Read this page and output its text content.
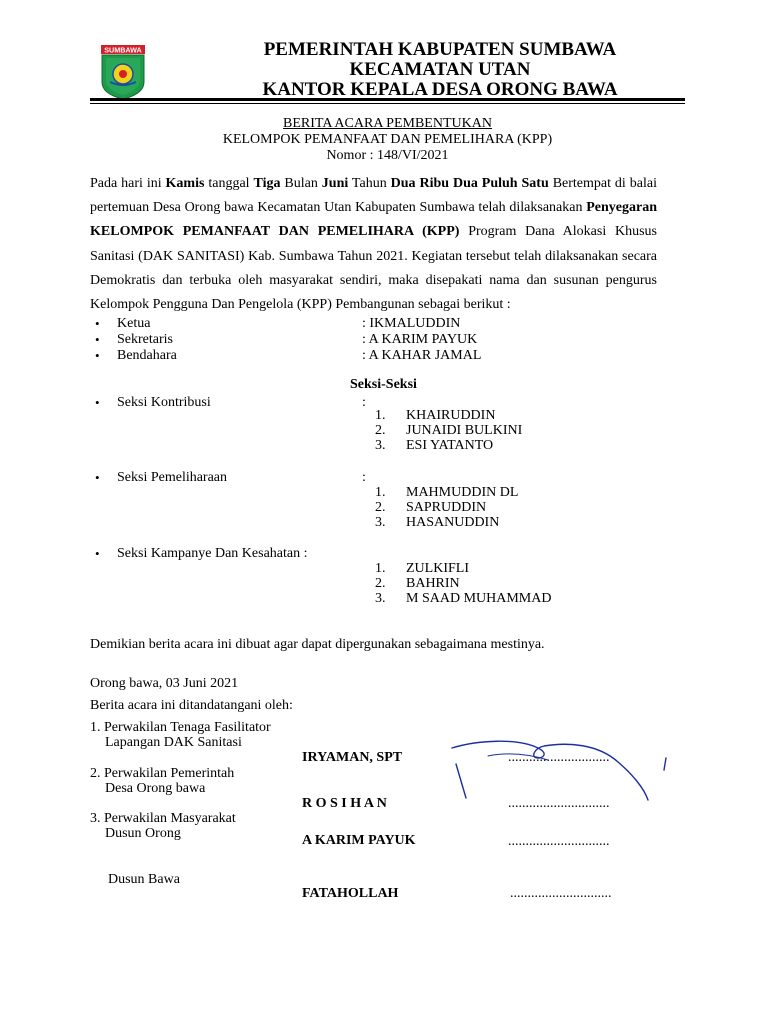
SUMBAWA	PEMERINTAH KABUPATEN SUMBAWA
KECAMATAN UTAN
KANTOR KEPALA DESA ORONG BAWA
BERITA ACARA PEMBENTUKAN
KELOMPOK PEMANFAAT DAN PEMELIHARA (KPP)
Nomor : 148/VI/2021
Pada hari ini Kamis tanggal Tiga Bulan Juni Tahun Dua Ribu Dua Puluh Satu Bertempat di balai pertemuan Desa Orong bawa Kecamatan Utan Kabupaten Sumbawa telah dilaksanakan Penyegaran KELOMPOK PEMANFAAT DAN PEMELIHARA (KPP) Program Dana Alokasi Khusus Sanitasi (DAK SANITASI) Kab. Sumbawa Tahun 2021. Kegiatan tersebut telah dilaksanakan secara Demokratis dan terbuka oleh masyarakat sendiri, maka disepakati nama dan susunan pengurus Kelompok Pengguna Dan Pengelola (KPP) Pembangunan sebagai berikut :
• Ketua	: IKMALUDDIN
• Sekretaris	: A KARIM PAYUK
• Bendahara	: A KAHAR JAMAL
Seksi-Seksi
• Seksi Kontribusi	:
1. KHAIRUDDIN
2. JUNAIDI BULKINI
3. ESI YATANTO
• Seksi Pemeliharaan	:
1. MAHMUDDIN DL
2. SAPRUDDIN
3. HASANUDDIN
• Seksi Kampanye Dan Kesahatan :
1. ZULKIFLI
2. BAHRIN
3. M SAAD MUHAMMAD
Demikian berita acara ini dibuat agar dapat dipergunakan sebagaimana mestinya.
Orong bawa, 03 Juni 2021
Berita acara ini ditandatangani oleh:
1. Perwakilan Tenaga Fasilitator
Lapangan DAK Sanitasi
IRYAMAN, SPT	.............................
2. Perwakilan Pemerintah
Desa Orong bawa
R O S I H A N	.............................
3. Perwakilan Masyarakat
Dusun Orong	A KARIM PAYUK	.............................
Dusun Bawa
FATAHOLLAH	.............................
